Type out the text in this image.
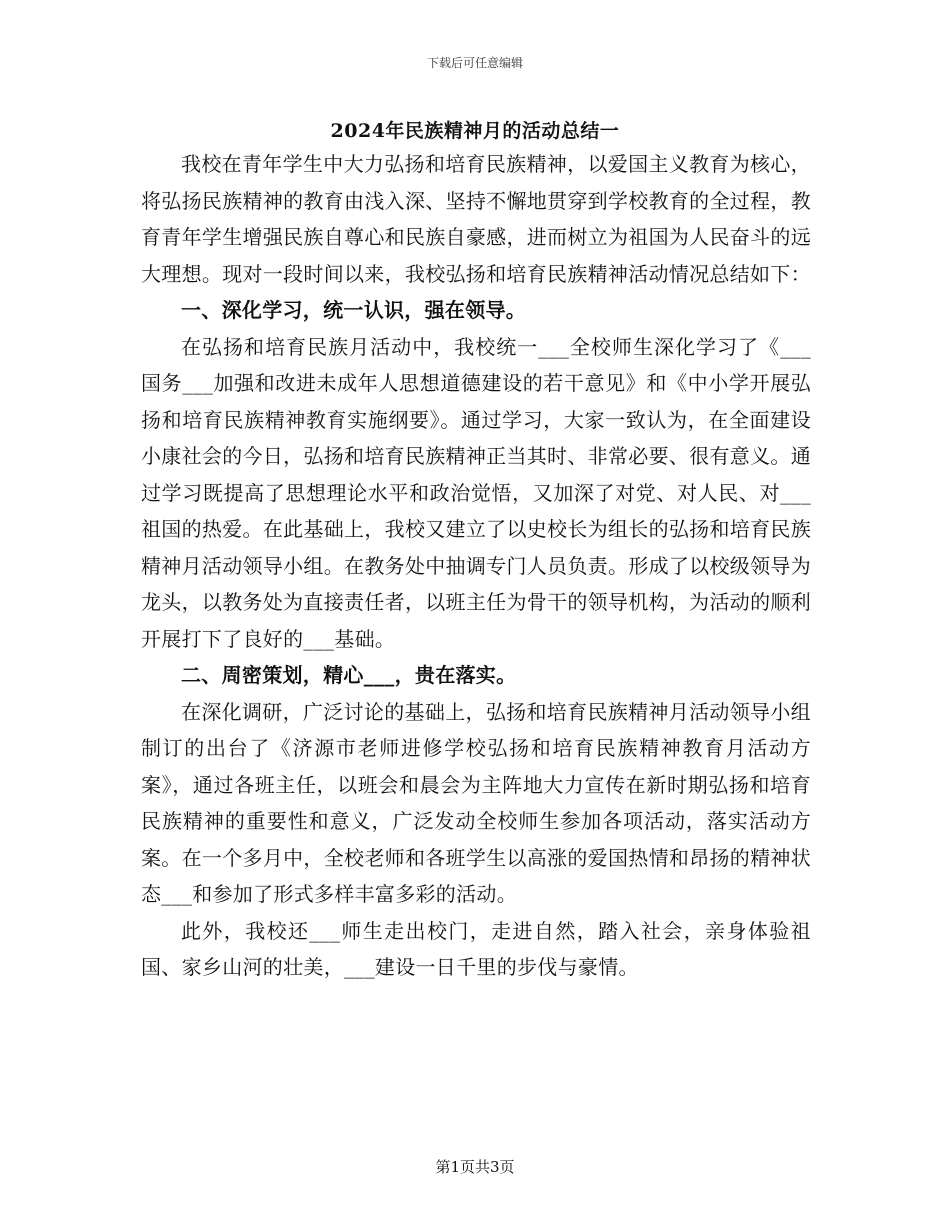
下载后可任意编辑
2024年民族精神月的活动总结一

我校在青年学生中大力弘扬和培育民族精神，以爱国主义教育为核心，将弘扬民族精神的教育由浅入深、坚持不懈地贯穿到学校教育的全过程，教育青年学生增强民族自尊心和民族自豪感，进而树立为祖国为人民奋斗的远大理想。现对一段时间以来，我校弘扬和培育民族精神活动情况总结如下：

一、深化学习，统一认识，强在领导。

在弘扬和培育民族月活动中，我校统一___全校师生深化学习了《___国务___加强和改进未成年人思想道德建设的若干意见》和《中小学开展弘扬和培育民族精神教育实施纲要》。通过学习，大家一致认为，在全面建设小康社会的今日，弘扬和培育民族精神正当其时、非常必要、很有意义。通过学习既提高了思想理论水平和政治觉悟，又加深了对党、对人民、对___祖国的热爱。在此基础上，我校又建立了以史校长为组长的弘扬和培育民族精神月活动领导小组。在教务处中抽调专门人员负责。形成了以校级领导为龙头，以教务处为直接责任者，以班主任为骨干的领导机构，为活动的顺利开展打下了良好的___基础。

二、周密策划，精心___，贵在落实。

在深化调研，广泛讨论的基础上，弘扬和培育民族精神月活动领导小组制订的出台了《济源市老师进修学校弘扬和培育民族精神教育月活动方案》，通过各班主任，以班会和晨会为主阵地大力宣传在新时期弘扬和培育民族精神的重要性和意义，广泛发动全校师生参加各项活动，落实活动方案。在一个多月中，全校老师和各班学生以高涨的爱国热情和昂扬的精神状态___和参加了形式多样丰富多彩的活动。

此外，我校还___师生走出校门，走进自然，踏入社会，亲身体验祖国、家乡山河的壮美，___建设一日千里的步伐与豪情。

第1页共3页
